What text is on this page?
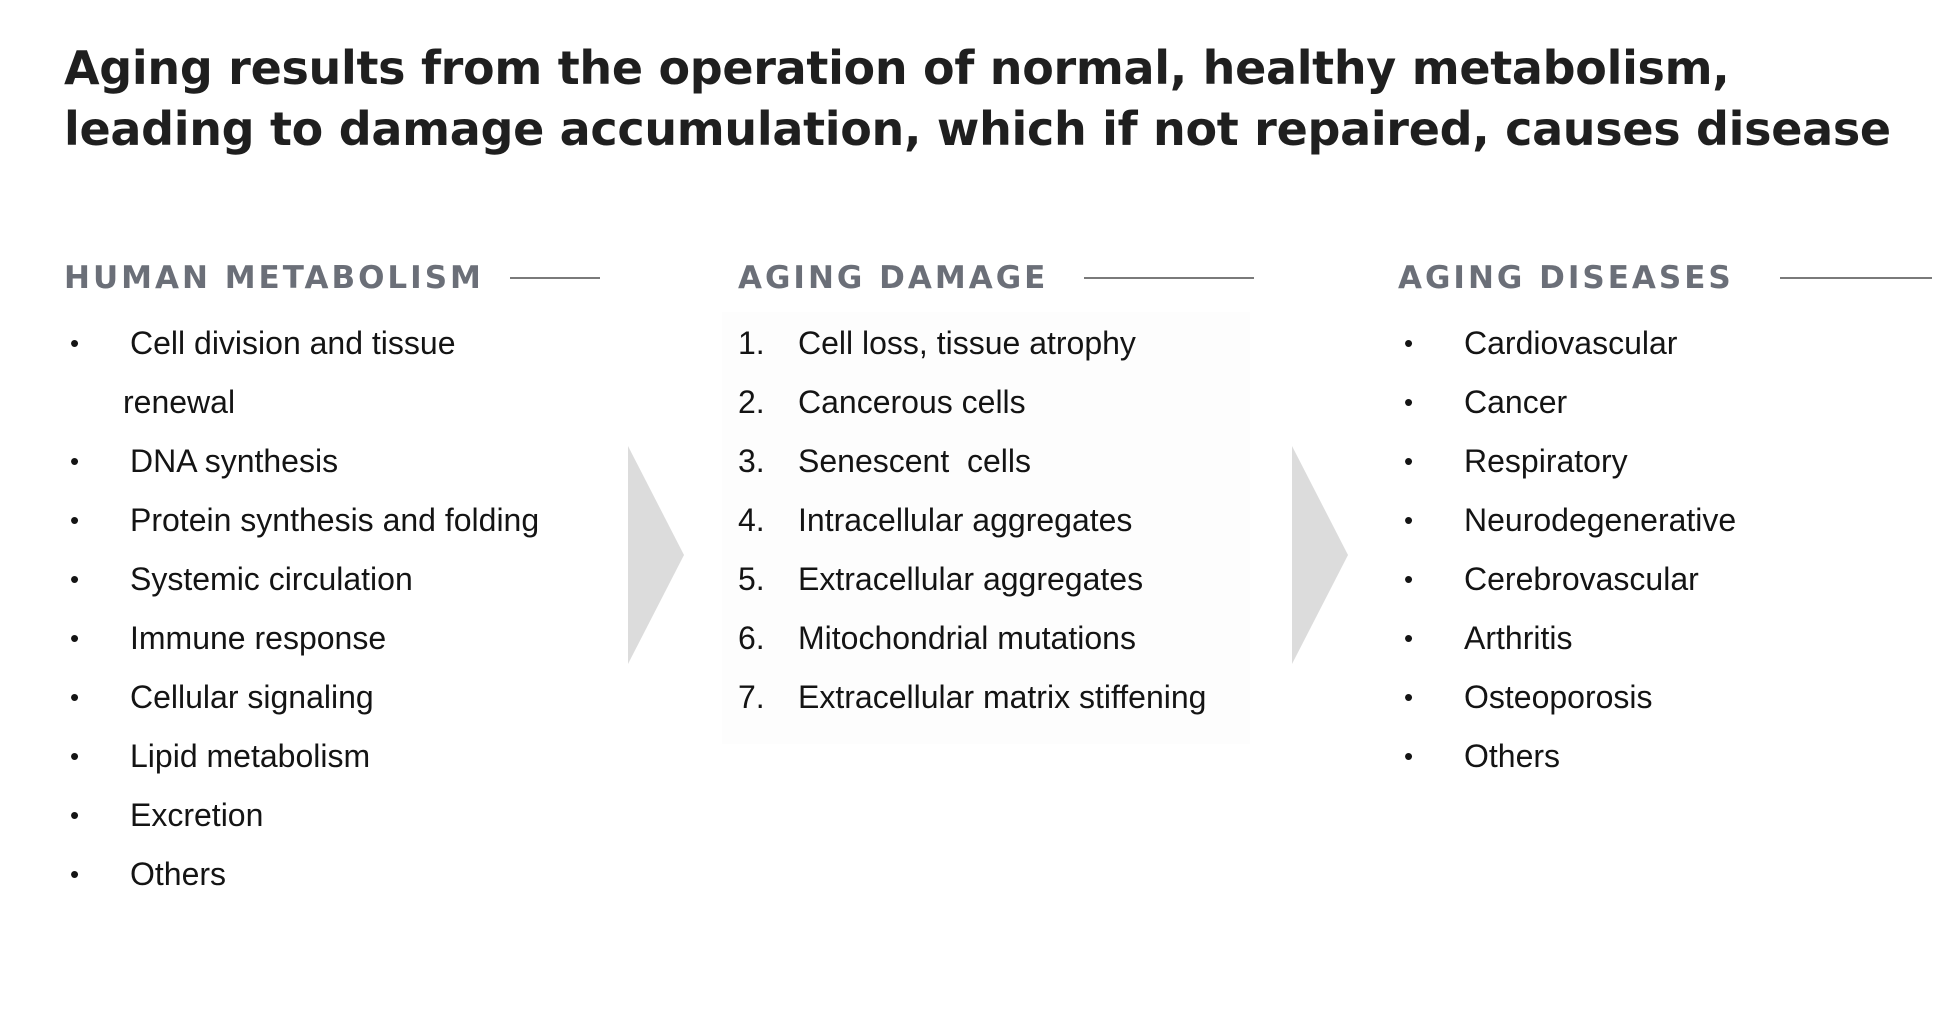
Aging results from the operation of normal, healthy metabolism,
leading to damage accumulation, which if not repaired, causes disease
HUMAN METABOLISM
•	Cell division and tissue
renewal
•	DNA synthesis
•	Protein synthesis and folding
•	Systemic circulation
•	Immune response
•	Cellular signaling
•	Lipid metabolism
•	Excretion
•	Others
AGING DAMAGE
1.	Cell loss, tissue atrophy
2.	Cancerous cells
3.	Senescent  cells
4.	Intracellular aggregates
5.	Extracellular aggregates
6.	Mitochondrial mutations
7.	Extracellular matrix stiffening
AGING DISEASES
•	Cardiovascular
•	Cancer
•	Respiratory
•	Neurodegenerative
•	Cerebrovascular
•	Arthritis
•	Osteoporosis
•	Others
